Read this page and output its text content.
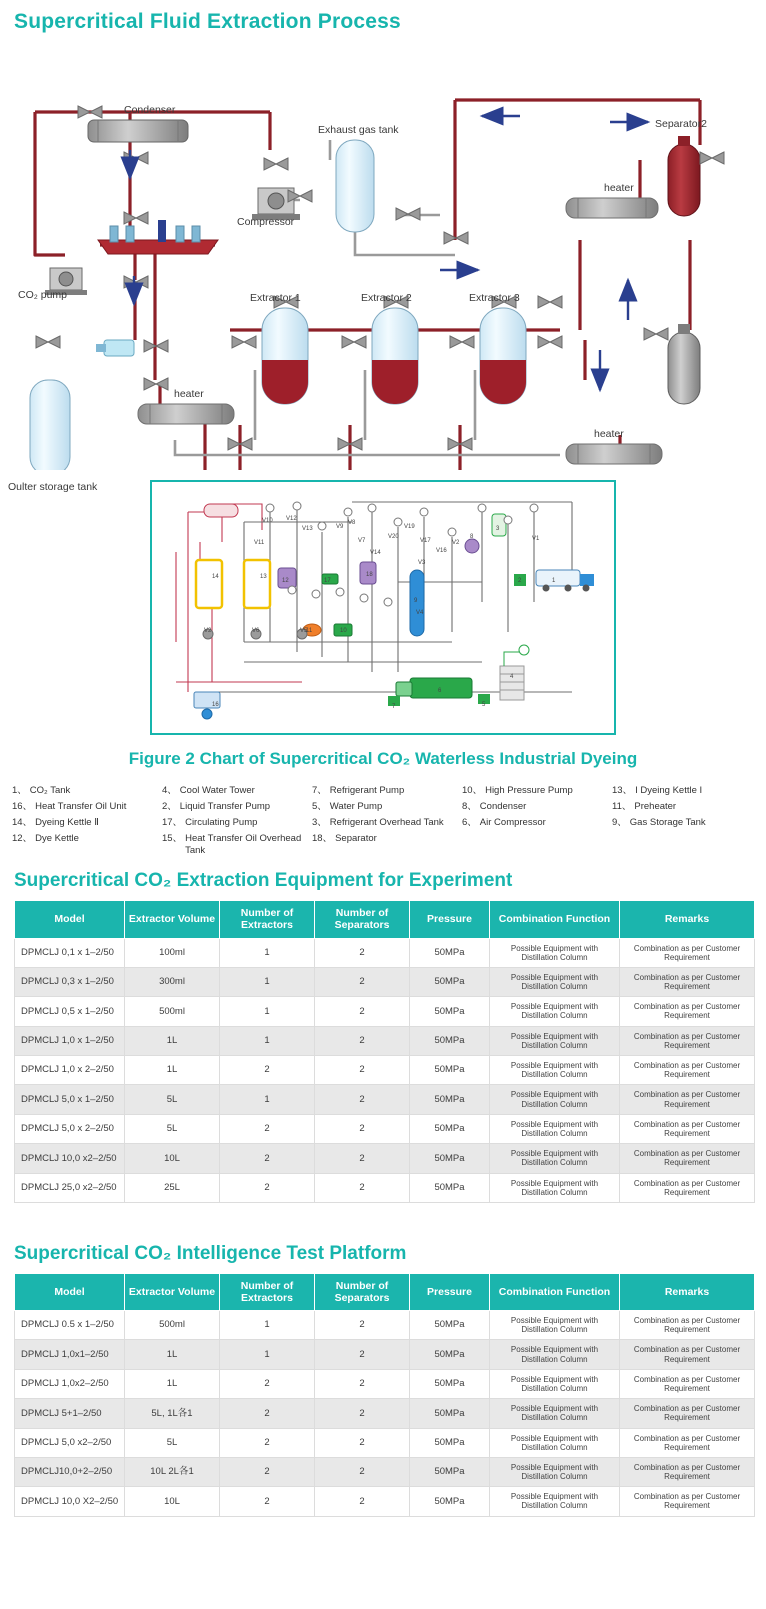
Supercritical Fluid Extraction Process
Condenser
Exhaust gas tank	Separator2
heater
Compressor
CO₂ pump	Extractor 1	Extractor 2	Extractor 3
heater
heater
Oulter storage tank
V10 V12
V13
V11
V9
V8
V7
V14
V20
V19
V17
V16
V2
8
3
V1
V3
V4
14	13
12	17
18
9
11	10
16
6
7	5
4
2	1
V2	V6	V5
Figure 2 Chart of Supercritical CO₂ Waterless Industrial Dyeing
1、 CO₂ Tank	4、 Cool Water Tower	7、 Refrigerant Pump	10、 High Pressure Pump	13、 I Dyeing Kettle I
16、 Heat Transfer Oil Unit	2、 Liquid Transfer Pump	5、 Water Pump	8、 Condenser	11、 Preheater
14、 Dyeing Kettle Ⅱ	17、 Circulating Pump	3、 Refrigerant Overhead Tank 6、 Air Compressor	9、 Gas Storage Tank
12、 Dye Kettle	15、 Heat Transfer Oil Overhead Tank
18、 Separator
Supercritical CO₂ Extraction Equipment for Experiment
Model	Extractor Volume	Number of Extractors	Number of Separators	Pressure	Combination Function	Remarks
DPMCLJ 0,1 x 1–2/50	100ml	1	2	50MPa	Possible Equipment with Distillation Column	Combination as per Customer Requirement
DPMCLJ 0,3 x 1–2/50	300ml	1	2	50MPa	Possible Equipment with Distillation Column	Combination as per Customer Requirement
DPMCLJ 0,5 x 1–2/50	500ml	1	2	50MPa	Possible Equipment with Distillation Column	Combination as per Customer Requirement
DPMCLJ 1,0 x 1–2/50	1L	1	2	50MPa	Possible Equipment with Distillation Column	Combination as per Customer Requirement
DPMCLJ 1,0 x 2–2/50	1L	2	2	50MPa	Possible Equipment with Distillation Column	Combination as per Customer Requirement
DPMCLJ 5,0 x 1–2/50	5L	1	2	50MPa	Possible Equipment with Distillation Column	Combination as per Customer Requirement
DPMCLJ 5,0 x 2–2/50	5L	2	2	50MPa	Possible Equipment with Distillation Column	Combination as per Customer Requirement
DPMCLJ 10,0 x2–2/50	10L	2	2	50MPa	Possible Equipment with Distillation Column	Combination as per Customer Requirement
DPMCLJ 25,0 x2–2/50	25L	2	2	50MPa	Possible Equipment with Distillation Column	Combination as per Customer Requirement
Supercritical CO₂ Intelligence Test Platform
Model	Extractor Volume	Number of Extractors	Number of Separators	Pressure	Combination Function	Remarks
DPMCLJ 0.5 x 1–2/50	500ml	1	2	50MPa	Possible Equipment with Distillation Column	Combination as per Customer Requirement
DPMCLJ 1,0x1–2/50	1L	1	2	50MPa	Possible Equipment with Distillation Column	Combination as per Customer Requirement
DPMCLJ 1,0x2–2/50	1L	2	2	50MPa	Possible Equipment with Distillation Column	Combination as per Customer Requirement
DPMCLJ 5+1–2/50	5L, 1L各1	2	2	50MPa	Possible Equipment with Distillation Column	Combination as per Customer Requirement
DPMCLJ 5,0 x2–2/50	5L	2	2	50MPa	Possible Equipment with Distillation Column	Combination as per Customer Requirement
DPMCLJ10,0+2–2/50	10L 2L各1	2	2	50MPa	Possible Equipment with Distillation Column	Combination as per Customer Requirement
DPMCLJ 10,0 X2–2/50	10L	2	2	50MPa	Possible Equipment with Distillation Column	Combination as per Customer Requirement
